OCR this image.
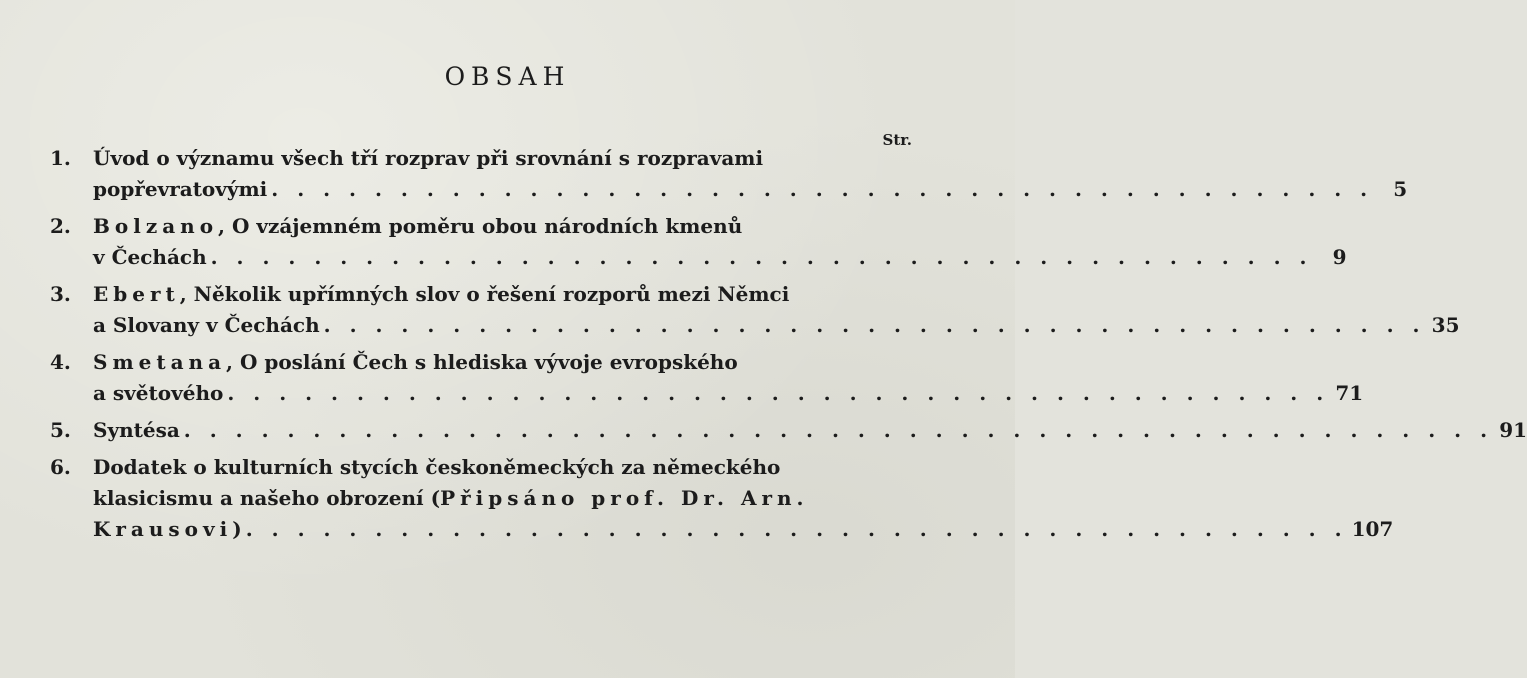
OBSAH
Str.
1.	Úvod o významu všech tří rozprav při srovnání s rozpravami
popřevratovými . . . . . . . . . . . . . . . . . . . . . . . . . . . . . . . . . . . . . . . . . . .	5
2.	Bolzano, O vzájemném poměru obou národních kmenů
v Čechách . . . . . . . . . . . . . . . . . . . . . . . . . . . . . . . . . . . . . . . . . . .	9
3.	Ebert, Několik upřímných slov o řešení rozporů mezi Němci
a Slovany v Čechách . . . . . . . . . . . . . . . . . . . . . . . . . . . . . . . . . . . . . . . . . . . 35
4.	Smetana, O poslání Čech s hlediska vývoje evropského
a světového . . . . . . . . . . . . . . . . . . . . . . . . . . . . . . . . . . . . . . . . . . . 71
5.	Syntésa . . . . . . . . . . . . . . . . . . . . . . . . . . . . . . . . . . . . . . . . . . . . . . . . . . . 91
6.	Dodatek o kulturních stycích českoněmeckých za německého
klasicismu a našeho obrození (Připsáno prof. Dr. Arn.
Krausovi) . . . . . . . . . . . . . . . . . . . . . . . . . . . . . . . . . . . . . . . . . . . 107
